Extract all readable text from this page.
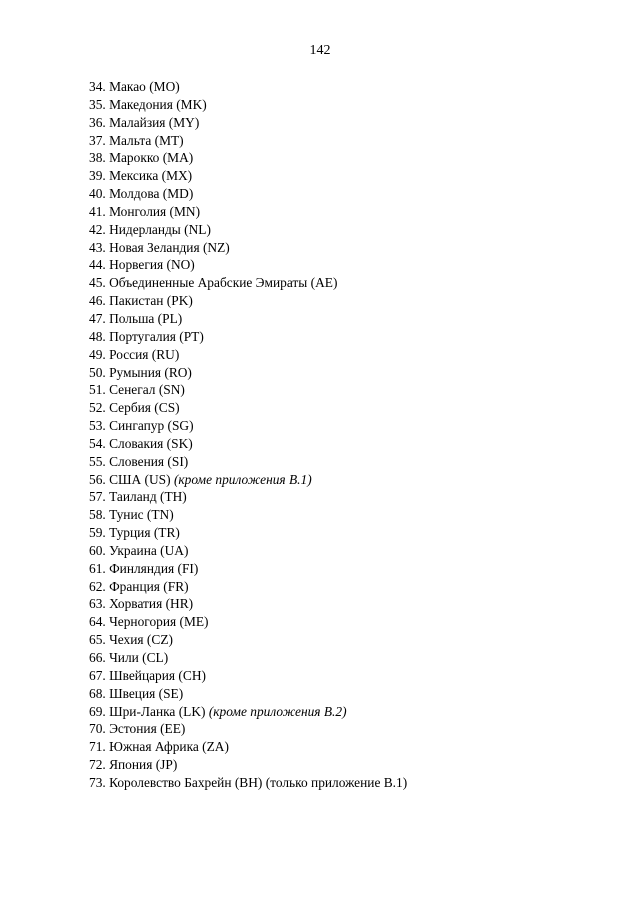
142
34. Макао (MO)
35. Македония (MK)
36. Малайзия (MY)
37. Мальта (MT)
38. Марокко (MA)
39. Мексика (MX)
40. Молдова (MD)
41. Монголия (MN)
42. Нидерланды (NL)
43. Новая Зеландия (NZ)
44. Норвегия (NO)
45. Объединенные Арабские Эмираты (AE)
46. Пакистан (PK)
47. Польша (PL)
48. Португалия (PT)
49. Россия (RU)
50. Румыния (RO)
51. Сенегал (SN)
52. Сербия (CS)
53. Сингапур (SG)
54. Словакия (SK)
55. Словения (SI)
56. США (US) (кроме приложения B.1)
57. Таиланд (TH)
58. Тунис (TN)
59. Турция (TR)
60. Украина (UA)
61. Финляндия (FI)
62. Франция (FR)
63. Хорватия (HR)
64. Черногория (ME)
65. Чехия (CZ)
66. Чили (CL)
67. Швейцария (CH)
68. Швеция (SE)
69. Шри-Ланка (LK) (кроме приложения B.2)
70. Эстония (EE)
71. Южная Африка (ZA)
72. Япония (JP)
73. Королевство Бахрейн (BH) (только приложение B.1)
